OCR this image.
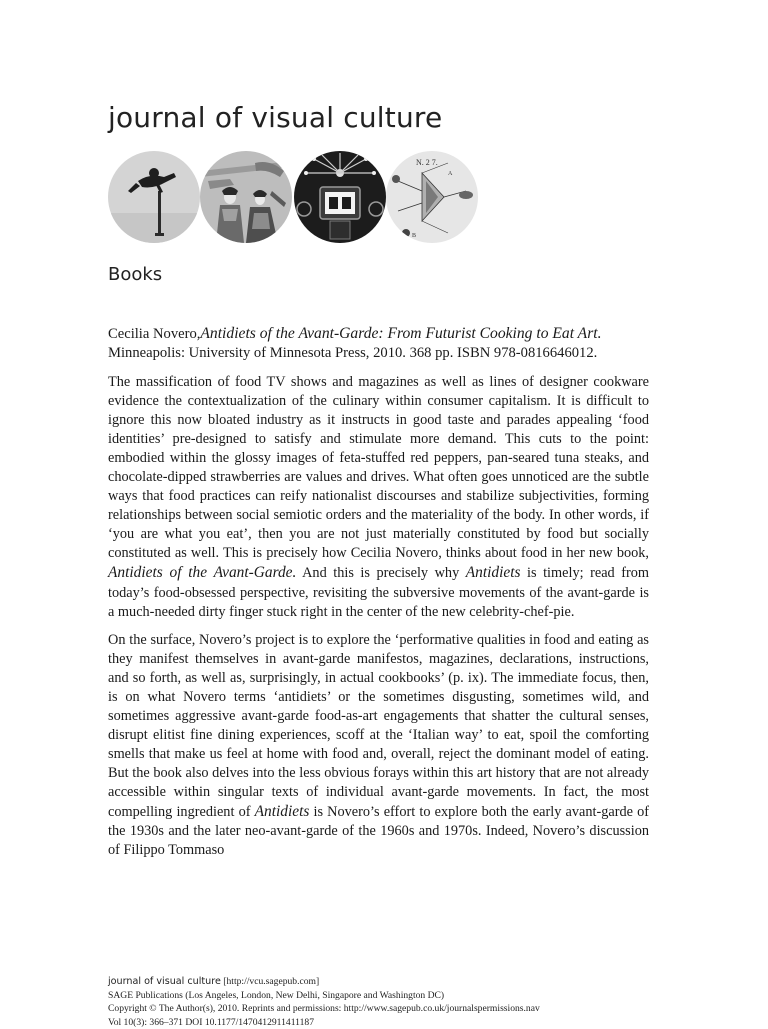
journal of visual culture
N. 2 7.
A
B
Books
Cecilia Novero,Antidiets of the Avant-Garde: From Futurist Cooking to Eat Art.
Minneapolis: University of Minnesota Press, 2010. 368 pp. ISBN 978-0816646012.

The massification of food TV shows and magazines as well as lines of designer cookware evidence the contextualization of the culinary within consumer capitalism. It is difficult to ignore this now bloated industry as it instructs in good taste and parades appealing ‘food identities’ pre-designed to satisfy and stimulate more demand. This cuts to the point: embodied within the glossy images of feta-stuffed red peppers, pan-seared tuna steaks, and chocolate-dipped strawberries are values and drives. What often goes unnoticed are the subtle ways that food practices can reify nationalist discourses and stabilize subjectivities, forming relationships between social semiotic orders and the materiality of the body. In other words, if ‘you are what you eat’, then you are not just materially constituted by food but socially constituted as well. This is precisely how Cecilia Novero, thinks about food in her new book, Antidiets of the Avant-Garde. And this is precisely why Antidiets is timely; read from today’s food-obsessed perspective, revisiting the subversive movements of the avant-garde is a much-needed dirty finger stuck right in the center of the new celebrity-chef-pie.

On the surface, Novero’s project is to explore the ‘performative qualities in food and eating as they manifest themselves in avant-garde manifestos, magazines, declarations, instructions, and so forth, as well as, surprisingly, in actual cookbooks’ (p. ix). The immediate focus, then, is on what Novero terms ‘antidiets’ or the sometimes disgusting, sometimes wild, and sometimes aggressive avant-garde food-as-art engagements that shatter the cultural senses, disrupt elitist fine dining experiences, scoff at the ‘Italian way’ to eat, spoil the comforting smells that make us feel at home with food and, overall, reject the dominant model of eating. But the book also delves into the less obvious forays within this art history that are not already accessible within singular texts of individual avant-garde movements. In fact, the most compelling ingredient of Antidiets is Novero’s effort to explore both the early avant-garde of the 1930s and the later neo-avant-garde of the 1960s and 1970s. Indeed, Novero’s discussion of Filippo Tommaso

journal of visual culture [http://vcu.sagepub.com]
SAGE Publications (Los Angeles, London, New Delhi, Singapore and Washington DC)
Copyright © The Author(s), 2010. Reprints and permissions: http://www.sagepub.co.uk/journalspermissions.nav
Vol 10(3): 366–371 DOI 10.1177/1470412911411187
